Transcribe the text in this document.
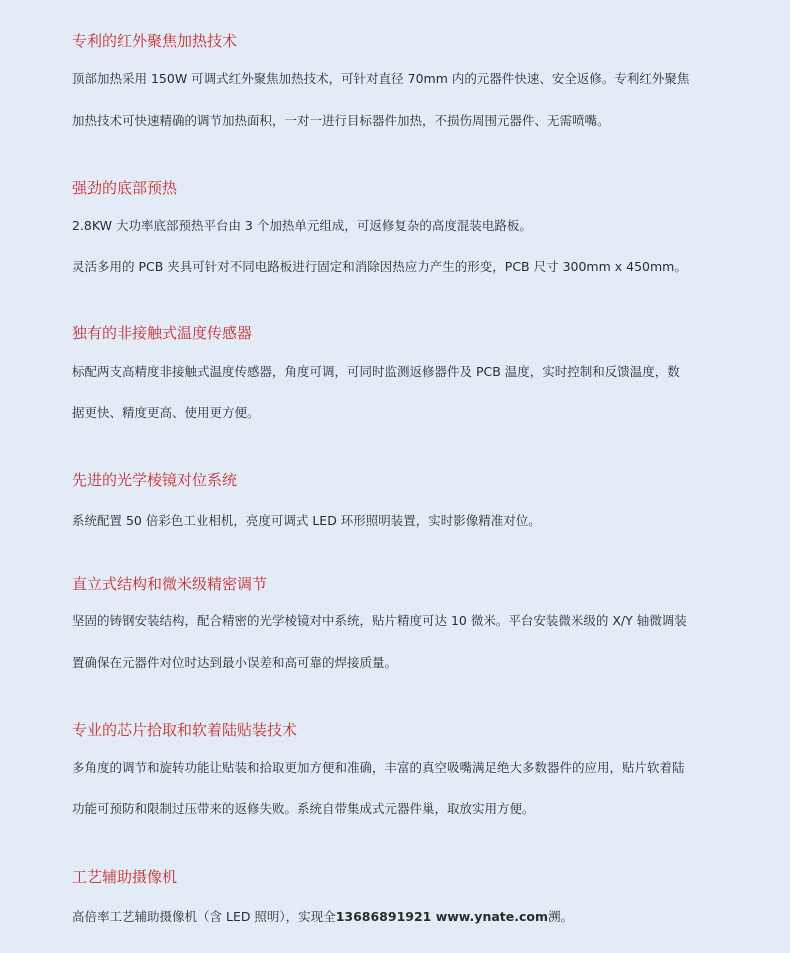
专利的红外聚焦加热技术
顶部加热采用 150W 可调式红外聚焦加热技术，可针对直径 70mm 内的元器件快速、安全返修。专利红外聚焦
加热技术可快速精确的调节加热面积，一对一进行目标器件加热，不损伤周围元器件、无需喷嘴。
强劲的底部预热
2.8KW 大功率底部预热平台由 3 个加热单元组成，可返修复杂的高度混装电路板。
灵活多用的 PCB 夹具可针对不同电路板进行固定和消除因热应力产生的形变，PCB 尺寸 300mm x 450mm。
独有的非接触式温度传感器
标配两支高精度非接触式温度传感器，角度可调，可同时监测返修器件及 PCB 温度，实时控制和反馈温度，数
据更快、精度更高、使用更方便。
先进的光学棱镜对位系统
系统配置 50 倍彩色工业相机，亮度可调式 LED 环形照明装置，实时影像精准对位。
直立式结构和微米级精密调节
坚固的铸钢安装结构，配合精密的光学棱镜对中系统，贴片精度可达 10 微米。平台安装微米级的 X/Y 轴微调装
置确保在元器件对位时达到最小误差和高可靠的焊接质量。
专业的芯片拾取和软着陆贴装技术
多角度的调节和旋转功能让贴装和拾取更加方便和准确，丰富的真空吸嘴满足绝大多数器件的应用，贴片软着陆
功能可预防和限制过压带来的返修失败。系统自带集成式元器件巢，取放实用方便。
工艺辅助摄像机
高倍率工艺辅助摄像机（含 LED 照明），实现全13686891921 www.ynate.com溯。
